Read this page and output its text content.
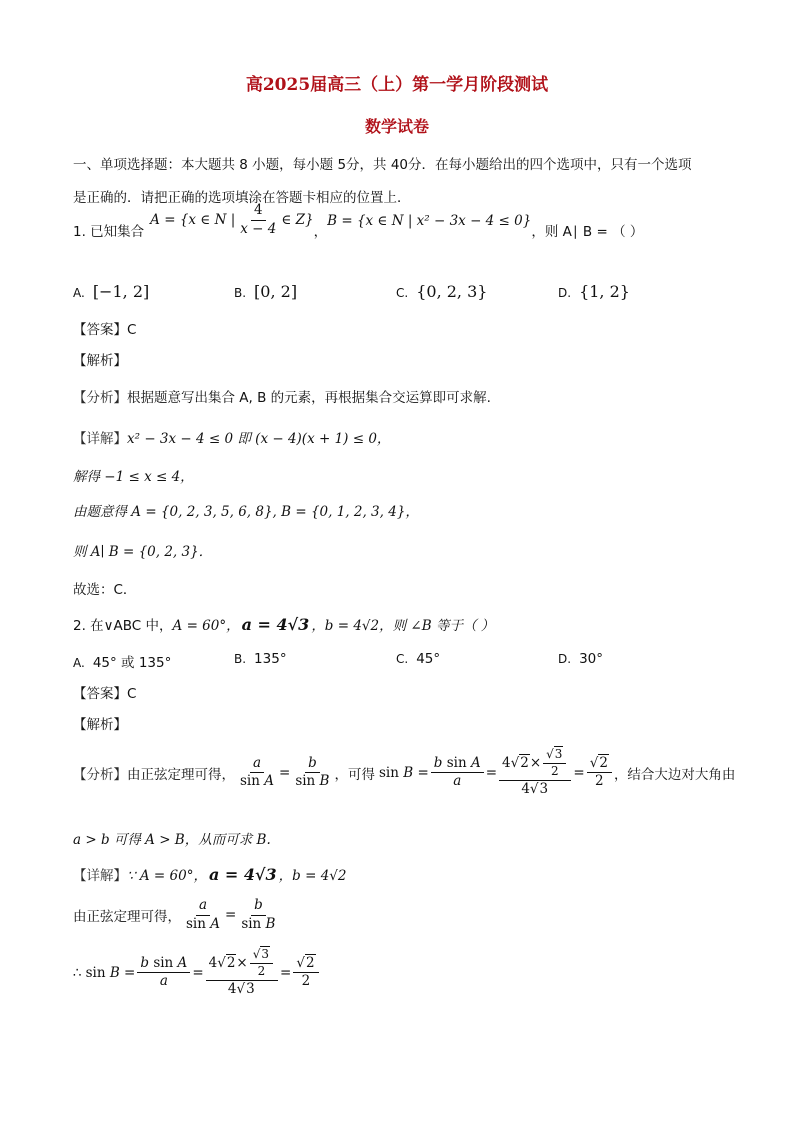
高2025届高三（上）第一学月阶段测试
数学试卷
一、单项选择题：本大题共 8 小题，每小题 5分，共 40分．在每小题给出的四个选项中，只有一个选项
是正确的．请把正确的选项填涂在答题卡相应的位置上．
1. 已知集合
A = {x ∈ N | $\frac{4}{x - 4}$ ∈ Z}
，
B = {x ∈ N | x² − 3x − 4 ≤ 0}
，则 A∣ B = （ ）
A. [−1, 2]	B. [0, 2]	C. {0, 2, 3}	D. {1, 2}
【答案】C
【解析】
【分析】根据题意写出集合 A, B 的元素，再根据集合交运算即可求解.
【详解】x² − 3x − 4 ≤ 0 即 (x − 4)(x + 1) ≤ 0，
解得 −1 ≤ x ≤ 4，
由题意得 A = {0, 2, 3, 5, 6, 8}, B = {0, 1, 2, 3, 4}，
则 A∣ B = {0, 2, 3}．
故选：C．
2. 在∨ABC 中，A = 60°， a = 4√3 ，b = 4√2，则 ∠B 等于（ ）
A. 45° 或 135°	B. 135°	C. 45°	D. 30°
【答案】C
【解析】
【分析】 由正弦定理可得， $\frac{a}{\text{sin A}} = \frac{b}{\text{sin B}}$ ，可得 $\sin B = \frac{\text{b sin A}}{a} = \frac{4 √2 \times \frac{√3}{2}}{4√3} = \frac{√2}{2}$ ，结合大边对大角由
a > b 可得 A > B，从而可求 B.
【详解】∵ A = 60°， a = 4√3 ，b = 4√2
由正弦定理可得， $\frac{a}{\text{sin A}} = \frac{b}{\text{sin B}}$
∴ $\sin B = \frac{\text{b sin A}}{a} = \frac{4 √2 \times \frac{√3}{2}}{4√3} = \frac{√2}{2}$
